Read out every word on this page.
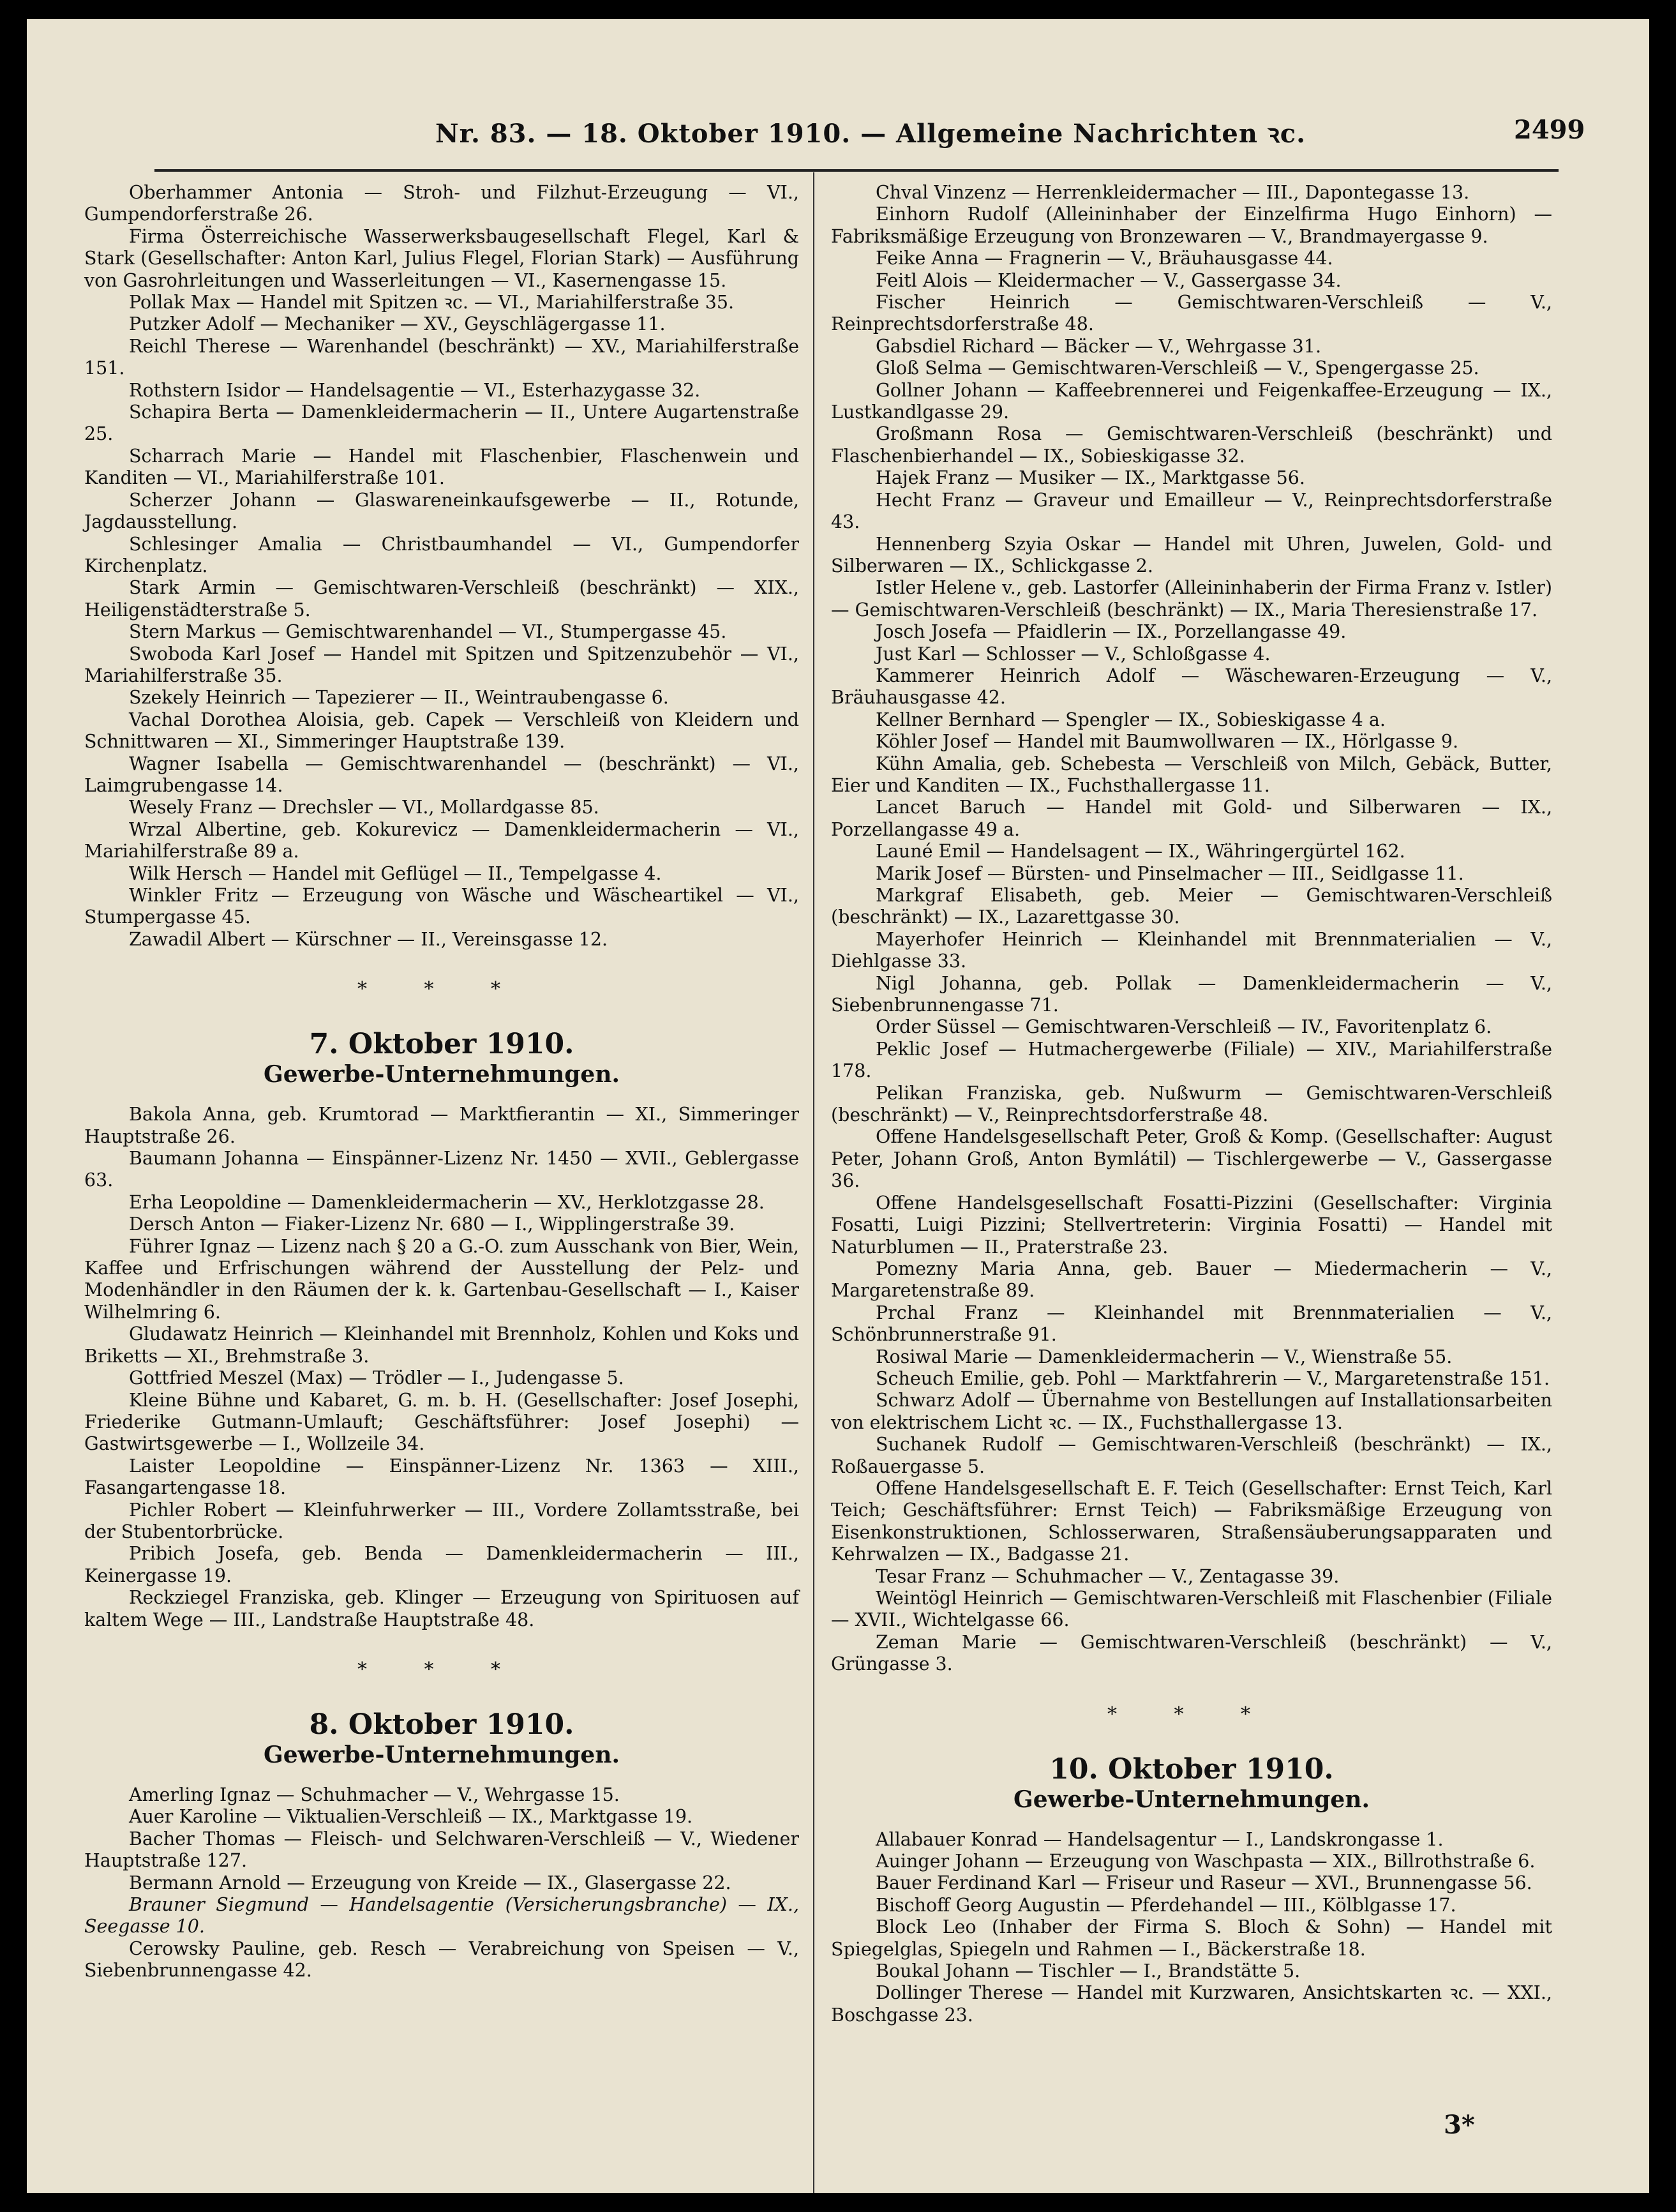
Nr. 83. — 18. Oktober 1910. — Allgemeine Nachrichten ꝛc.	2499
Oberhammer Antonia — Stroh- und Filzhut-Erzeugung — VI., Gumpendorferstraße 26.
Firma Österreichische Wasserwerksbaugesellschaft Flegel, Karl & Stark (Gesellschafter: Anton Karl, Julius Flegel, Florian Stark) — Ausführung von Gasrohrleitungen und Wasserleitungen — VI., Kasernengasse 15.
Pollak Max — Handel mit Spitzen ꝛc. — VI., Mariahilferstraße 35.
Putzker Adolf — Mechaniker — XV., Geyschlägergasse 11.
Reichl Therese — Warenhandel (beschränkt) — XV., Mariahilferstraße 151.
Rothstern Isidor — Handelsagentie — VI., Esterhazygasse 32.
Schapira Berta — Damenkleidermacherin — II., Untere Augartenstraße 25.
Scharrach Marie — Handel mit Flaschenbier, Flaschenwein und Kanditen — VI., Mariahilferstraße 101.
Scherzer Johann — Glaswareneinkaufsgewerbe — II., Rotunde, Jagdausstellung.
Schlesinger Amalia — Christbaumhandel — VI., Gumpendorfer Kirchenplatz.
Stark Armin — Gemischtwaren-Verschleiß (beschränkt) — XIX., Heiligenstädterstraße 5.
Stern Markus — Gemischtwarenhandel — VI., Stumpergasse 45.
Swoboda Karl Josef — Handel mit Spitzen und Spitzenzubehör — VI., Mariahilferstraße 35.
Szekely Heinrich — Tapezierer — II., Weintraubengasse 6.
Vachal Dorothea Aloisia, geb. Capek — Verschleiß von Kleidern und Schnittwaren — XI., Simmeringer Hauptstraße 139.
Wagner Isabella — Gemischtwarenhandel — (beschränkt) — VI., Laimgrubengasse 14.
Wesely Franz — Drechsler — VI., Mollardgasse 85.
Wrzal Albertine, geb. Kokurevicz — Damenkleidermacherin — VI., Mariahilferstraße 89 a.
Wilk Hersch — Handel mit Geflügel — II., Tempelgasse 4.
Winkler Fritz — Erzeugung von Wäsche und Wäscheartikel — VI., Stumpergasse 45.
Zawadil Albert — Kürschner — II., Vereinsgasse 12.
* * *
7. Oktober 1910.
Gewerbe-Unternehmungen.
Bakola Anna, geb. Krumtorad — Marktfierantin — XI., Simmeringer Hauptstraße 26.
Baumann Johanna — Einspänner-Lizenz Nr. 1450 — XVII., Geblergasse 63.
Erha Leopoldine — Damenkleidermacherin — XV., Herklotzgasse 28.
Dersch Anton — Fiaker-Lizenz Nr. 680 — I., Wipplingerstraße 39.
Führer Ignaz — Lizenz nach § 20 a G.-O. zum Ausschank von Bier, Wein, Kaffee und Erfrischungen während der Ausstellung der Pelz- und Modenhändler in den Räumen der k. k. Gartenbau-Gesellschaft — I., Kaiser Wilhelmring 6.
Gludawatz Heinrich — Kleinhandel mit Brennholz, Kohlen und Koks und Briketts — XI., Brehmstraße 3.
Gottfried Meszel (Max) — Trödler — I., Judengasse 5.
Kleine Bühne und Kabaret, G. m. b. H. (Gesellschafter: Josef Josephi, Friederike Gutmann-Umlauft; Geschäftsführer: Josef Josephi) — Gastwirtsgewerbe — I., Wollzeile 34.
Laister Leopoldine — Einspänner-Lizenz Nr. 1363 — XIII., Fasangartengasse 18.
Pichler Robert — Kleinfuhrwerker — III., Vordere Zollamtsstraße, bei der Stubentorbrücke.
Pribich Josefa, geb. Benda — Damenkleidermacherin — III., Keinergasse 19.
Reckziegel Franziska, geb. Klinger — Erzeugung von Spirituosen auf kaltem Wege — III., Landstraße Hauptstraße 48.
* * *
8. Oktober 1910.
Gewerbe-Unternehmungen.
Amerling Ignaz — Schuhmacher — V., Wehrgasse 15.
Auer Karoline — Viktualien-Verschleiß — IX., Marktgasse 19.
Bacher Thomas — Fleisch- und Selchwaren-Verschleiß — V., Wiedener Hauptstraße 127.
Bermann Arnold — Erzeugung von Kreide — IX., Glasergasse 22.
Brauner Siegmund — Handelsagentie (Versicherungsbranche) — IX., Seegasse 10.
Cerowsky Pauline, geb. Resch — Verabreichung von Speisen — V., Siebenbrunnengasse 42.
Chval Vinzenz — Herrenkleidermacher — III., Dapontegasse 13.
Einhorn Rudolf (Alleininhaber der Einzelfirma Hugo Einhorn) — Fabriksmäßige Erzeugung von Bronzewaren — V., Brandmayergasse 9.
Feike Anna — Fragnerin — V., Bräuhausgasse 44.
Feitl Alois — Kleidermacher — V., Gassergasse 34.
Fischer Heinrich — Gemischtwaren-Verschleiß — V., Reinprechtsdorferstraße 48.
Gabsdiel Richard — Bäcker — V., Wehrgasse 31.
Gloß Selma — Gemischtwaren-Verschleiß — V., Spengergasse 25.
Gollner Johann — Kaffeebrennerei und Feigenkaffee-Erzeugung — IX., Lustkandlgasse 29.
Großmann Rosa — Gemischtwaren-Verschleiß (beschränkt) und Flaschenbierhandel — IX., Sobieskigasse 32.
Hajek Franz — Musiker — IX., Marktgasse 56.
Hecht Franz — Graveur und Emailleur — V., Reinprechtsdorferstraße 43.
Hennenberg Szyia Oskar — Handel mit Uhren, Juwelen, Gold- und Silberwaren — IX., Schlickgasse 2.
Istler Helene v., geb. Lastorfer (Alleininhaberin der Firma Franz v. Istler) — Gemischtwaren-Verschleiß (beschränkt) — IX., Maria Theresienstraße 17.
Josch Josefa — Pfaidlerin — IX., Porzellangasse 49.
Just Karl — Schlosser — V., Schloßgasse 4.
Kammerer Heinrich Adolf — Wäschewaren-Erzeugung — V., Bräuhausgasse 42.
Kellner Bernhard — Spengler — IX., Sobieskigasse 4 a.
Köhler Josef — Handel mit Baumwollwaren — IX., Hörlgasse 9.
Kühn Amalia, geb. Schebesta — Verschleiß von Milch, Gebäck, Butter, Eier und Kanditen — IX., Fuchsthallergasse 11.
Lancet Baruch — Handel mit Gold- und Silberwaren — IX., Porzellangasse 49 a.
Launé Emil — Handelsagent — IX., Währingergürtel 162.
Marik Josef — Bürsten- und Pinselmacher — III., Seidlgasse 11.
Markgraf Elisabeth, geb. Meier — Gemischtwaren-Verschleiß (beschränkt) — IX., Lazarettgasse 30.
Mayerhofer Heinrich — Kleinhandel mit Brennmaterialien — V., Diehlgasse 33.
Nigl Johanna, geb. Pollak — Damenkleidermacherin — V., Siebenbrunnengasse 71.
Order Süssel — Gemischtwaren-Verschleiß — IV., Favoritenplatz 6.
Peklic Josef — Hutmachergewerbe (Filiale) — XIV., Mariahilferstraße 178.
Pelikan Franziska, geb. Nußwurm — Gemischtwaren-Verschleiß (beschränkt) — V., Reinprechtsdorferstraße 48.
Offene Handelsgesellschaft Peter, Groß & Komp. (Gesellschafter: August Peter, Johann Groß, Anton Bymlátil) — Tischlergewerbe — V., Gassergasse 36.
Offene Handelsgesellschaft Fosatti-Pizzini (Gesellschafter: Virginia Fosatti, Luigi Pizzini; Stellvertreterin: Virginia Fosatti) — Handel mit Naturblumen — II., Praterstraße 23.
Pomezny Maria Anna, geb. Bauer — Miedermacherin — V., Margaretenstraße 89.
Prchal Franz — Kleinhandel mit Brennmaterialien — V., Schönbrunnerstraße 91.
Rosiwal Marie — Damenkleidermacherin — V., Wienstraße 55.
Scheuch Emilie, geb. Pohl — Marktfahrerin — V., Margaretenstraße 151.
Schwarz Adolf — Übernahme von Bestellungen auf Installationsarbeiten von elektrischem Licht ꝛc. — IX., Fuchsthallergasse 13.
Suchanek Rudolf — Gemischtwaren-Verschleiß (beschränkt) — IX., Roßauergasse 5.
Offene Handelsgesellschaft E. F. Teich (Gesellschafter: Ernst Teich, Karl Teich; Geschäftsführer: Ernst Teich) — Fabriksmäßige Erzeugung von Eisenkonstruktionen, Schlosserwaren, Straßensäuberungsapparaten und Kehrwalzen — IX., Badgasse 21.
Tesar Franz — Schuhmacher — V., Zentagasse 39.
Weintögl Heinrich — Gemischtwaren-Verschleiß mit Flaschenbier (Filiale — XVII., Wichtelgasse 66.
Zeman Marie — Gemischtwaren-Verschleiß (beschränkt) — V., Grüngasse 3.
* * *
10. Oktober 1910.
Gewerbe-Unternehmungen.
Allabauer Konrad — Handelsagentur — I., Landskrongasse 1.
Auinger Johann — Erzeugung von Waschpasta — XIX., Billrothstraße 6.
Bauer Ferdinand Karl — Friseur und Raseur — XVI., Brunnengasse 56.
Bischoff Georg Augustin — Pferdehandel — III., Kölblgasse 17.
Block Leo (Inhaber der Firma S. Bloch & Sohn) — Handel mit Spiegelglas, Spiegeln und Rahmen — I., Bäckerstraße 18.
Boukal Johann — Tischler — I., Brandstätte 5.
Dollinger Therese — Handel mit Kurzwaren, Ansichtskarten ꝛc. — XXI., Boschgasse 23.
3*
